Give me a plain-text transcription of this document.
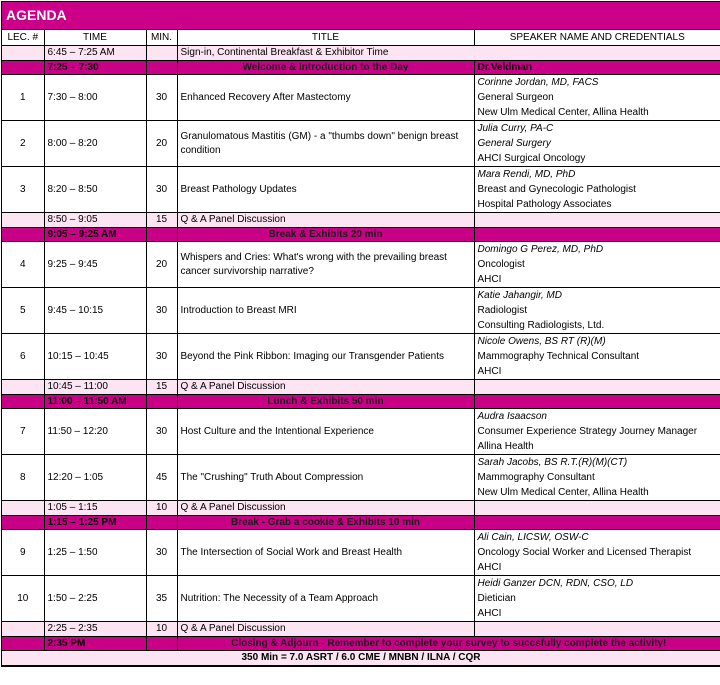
AGENDA
LEC. #	TIME	MIN.	TITLE	SPEAKER NAME AND CREDENTIALS
	6:45 – 7:25 AM		Sign-in, Continental Breakfast & Exhibitor Time	
	7:25 – 7:30		Welcome & Introduction to the Day	Dr.Veldman
1	7:30 – 8:00	30	Enhanced Recovery After Mastectomy	Corinne Jordan, MD, FACS
General Surgeon
New Ulm Medical Center, Allina Health

2	8:00 – 8:20	20	Granulomatous Mastitis (GM) - a "thumbs down" benign breast condition	Julia Curry, PA-C
General Surgery
AHCI Surgical Oncology

3	8:20 – 8:50	30	Breast Pathology Updates	Mara Rendi, MD, PhD
Breast and Gynecologic Pathologist
Hospital Pathology Associates

	8:50 – 9:05	15	Q & A Panel Discussion	
	9:05 – 9:25 AM		Break & Exhibits 20 min	
4	9:25 – 9:45	20	Whispers and Cries: What's wrong with the prevailing breast cancer survivorship narrative?	Domingo G Perez, MD, PhD
Oncologist
AHCI

5	9:45 – 10:15	30	Introduction to Breast MRI	Katie Jahangir, MD
Radiologist
Consulting Radiologists, Ltd.

6	10:15 – 10:45	30	Beyond the Pink Ribbon: Imaging our Transgender Patients	Nicole Owens, BS RT (R)(M)
Mammography Technical Consultant
AHCI

	10:45 – 11:00	15	Q & A Panel Discussion	
	11:00 – 11:50 AM		Lunch & Exhibits 50 min	
7	11:50 – 12:20	30	Host Culture and the Intentional Experience	Audra Isaacson
Consumer Experience Strategy Journey Manager
Allina Health

8	12:20 – 1:05	45	The "Crushing" Truth About Compression	Sarah Jacobs, BS R.T.(R)(M)(CT)
Mammography Consultant
New Ulm Medical Center, Allina Health

	1:05 – 1:15	10	Q & A Panel Discussion	
	1:15 – 1:25 PM		Break - Grab a cookie & Exhibits 10 min	
9	1:25 – 1:50	30	The Intersection of Social Work and Breast Health	Ali Cain, LICSW, OSW-C
Oncology Social Worker and Licensed Therapist
AHCI

10	1:50 – 2:25	35	Nutrition: The Necessity of a Team Approach	Heidi Ganzer DCN, RDN, CSO, LD
Dietician
AHCI

	2:25 – 2:35	10	Q & A Panel Discussion	
	2:35 PM		Closing & Adjourn - Remember to complete your survey to succsfully complete the activity!	
350 Min = 7.0 ASRT / 6.0 CME / MNBN / ILNA / CQR				
